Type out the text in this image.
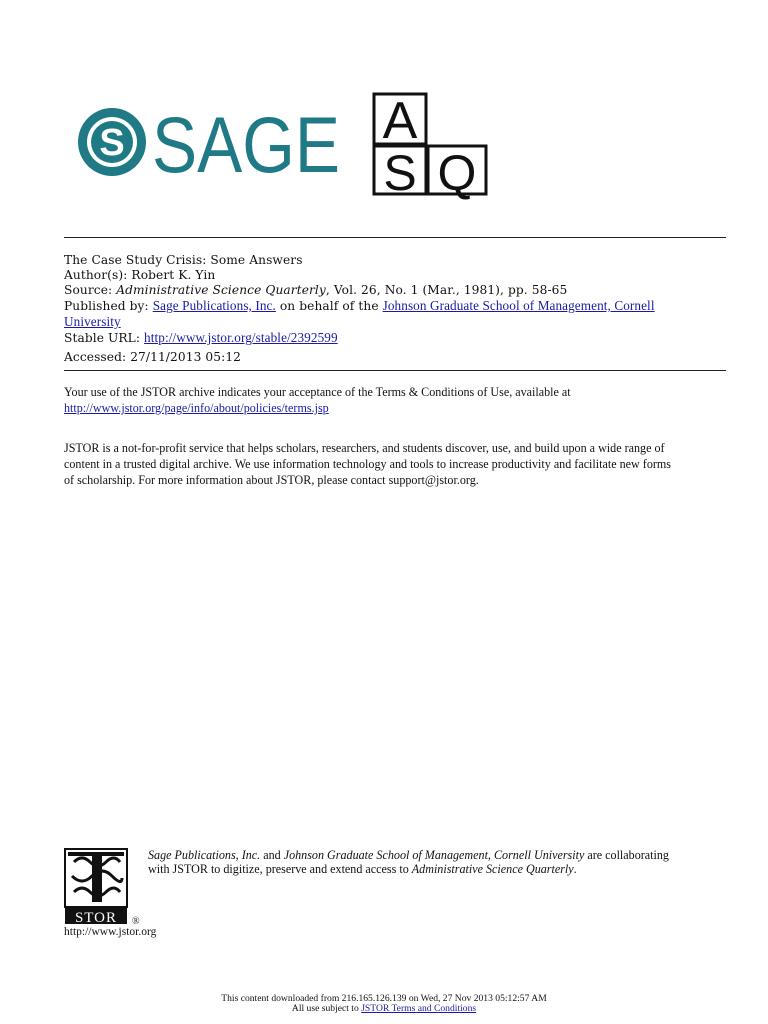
S SAGE A
S Q
The Case Study Crisis: Some Answers
Author(s): Robert K. Yin
Source: Administrative Science Quarterly, Vol. 26, No. 1 (Mar., 1981), pp. 58-65
Published by: Sage Publications, Inc. on behalf of the Johnson Graduate School of Management, Cornell
University
Stable URL: http://www.jstor.org/stable/2392599
Accessed: 27/11/2013 05:12
Your use of the JSTOR archive indicates your acceptance of the Terms & Conditions of Use, available at
http://www.jstor.org/page/info/about/policies/terms.jsp
JSTOR is a not-for-profit service that helps scholars, researchers, and students discover, use, and build upon a wide range of
content in a trusted digital archive. We use information technology and tools to increase productivity and facilitate new forms
of scholarship. For more information about JSTOR, please contact support@jstor.org.
STOR ®
Sage Publications, Inc. and Johnson Graduate School of Management, Cornell University are collaborating
with JSTOR to digitize, preserve and extend access to Administrative Science Quarterly.
http://www.jstor.org
This content downloaded from 216.165.126.139 on Wed, 27 Nov 2013 05:12:57 AM
All use subject to JSTOR Terms and Conditions
